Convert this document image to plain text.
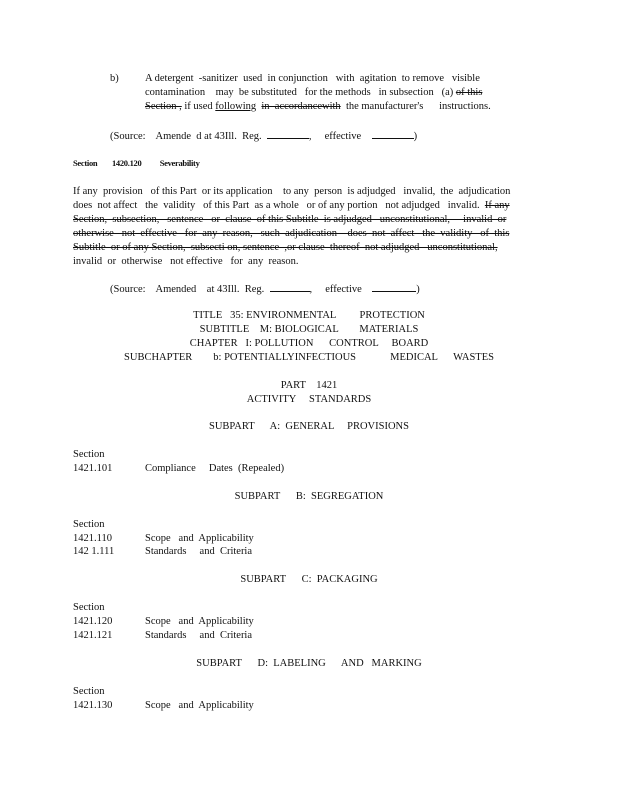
b)	A detergent  -sanitizer  used  in conjunction   with  agitation  to remove   visible
contamination    may  be substituted   for the methods   in subsection   (a) of this
Section , if used following in  accordancewith  the manufacturer's      instructions.
(Source:    Amende  d at 43Ill.  Reg.	,     effective	)
Section        1420.120 Severability
If any  provision   of this Part  or its application    to any  person  is adjudged   invalid,  the  adjudication
does  not affect   the  validity   of this Part  as a whole   or of any portion   not adjudged   invalid. If any
Section,  subsection,   sentence   or  clause  of this Subtitle  is adjudged   unconstitutional,     invalid  or
otherwise   not  effective   for  any  reason,   such  adjudication    does  not  affect   the  validity   of  this
Subtitle  or of any Section,  subsecti on, sentence  ,or clause  thereof  not adjudged   unconstitutional,
invalid  or  otherwise   not effective   for  any  reason.
(Source:    Amended    at 43Ill.  Reg.	,     effective	)
TITLE   35: ENVIRONMENTAL         PROTECTION
SUBTITLE    M: BIOLOGICAL        MATERIALS
CHAPTER   I: POLLUTION      CONTROL     BOARD
SUBCHAPTER        b: POTENTIALLYINFECTIOUS             MEDICAL      WASTES
PART    1421
ACTIVITY     STANDARDS
SUBPART      A:  GENERAL     PROVISIONS
Section
1421.101	Compliance     Dates  (Repealed)
SUBPART      B:  SEGREGATION
Section
1421.110	Scope   and  Applicability
142 1.111	Standards     and  Criteria
SUBPART      C:  PACKAGING
Section
1421.120	Scope   and  Applicability
1421.121	Standards     and  Criteria
SUBPART      D:  LABELING      AND   MARKING
Section
1421.130	Scope   and  Applicability
